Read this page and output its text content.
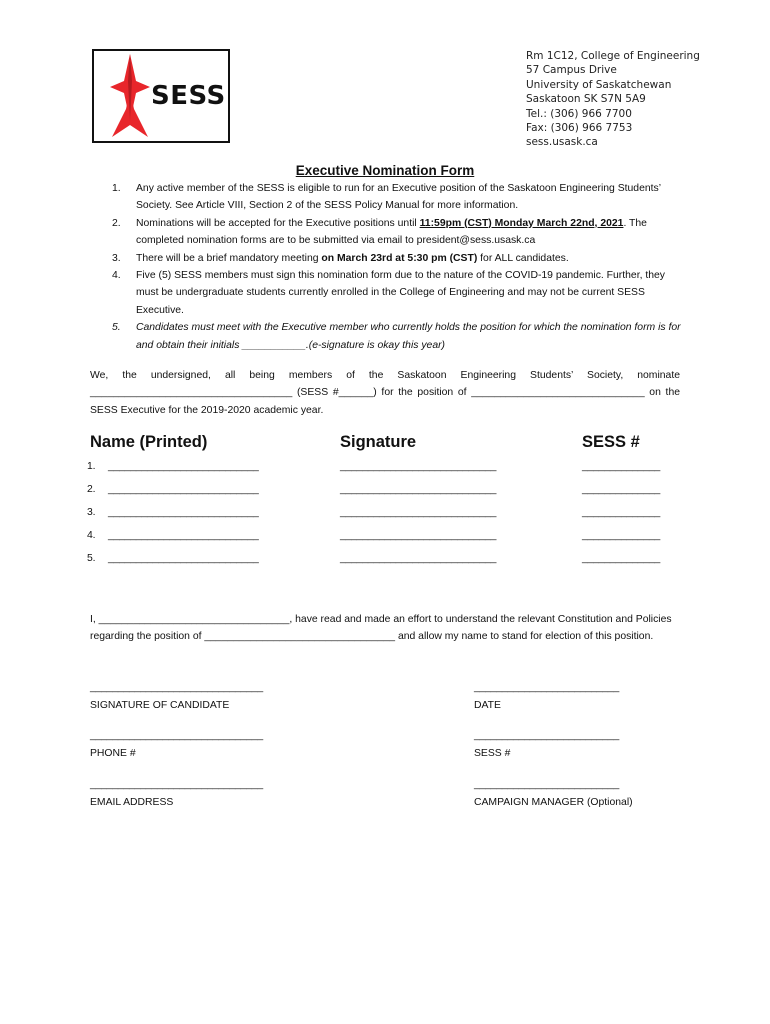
SESS
Rm 1C12, College of Engineering
57 Campus Drive
University of Saskatchewan
Saskatoon SK S7N 5A9
Tel.: (306) 966 7700
Fax: (306) 966 7753
sess.usask.ca
Executive Nomination Form
1. Any active member of the SESS is eligible to run for an Executive position of the Saskatoon Engineering Students’ Society. See Article VIII, Section 2 of the SESS Policy Manual for more information.
2. Nominations will be accepted for the Executive positions until 11:59pm (CST) Monday March 22nd, 2021. The completed nomination forms are to be submitted via email to president@sess.usask.ca
3. There will be a brief mandatory meeting on March 23rd at 5:30 pm (CST) for ALL candidates.
4. Five (5) SESS members must sign this nomination form due to the nature of the COVID-19 pandemic. Further, they must be undergraduate students currently enrolled in the College of Engineering and may not be current SESS Executive.
5. Candidates must meet with the Executive member who currently holds the position for which the nomination form is for and obtain their initials ___________.(e-signature is okay this year)
We, the undersigned, all being members of the Saskatoon Engineering Students’ Society, nominate ___________________________________ (SESS #______) for the position of ______________________________ on the SESS Executive for the 2019-2020 academic year.
Name (Printed)	Signature	SESS #
1. ___________________________	____________________________	______________
2. ___________________________	____________________________	______________
3. ___________________________	____________________________	______________
4. ___________________________	____________________________	______________
5. ___________________________	____________________________	______________
I, _________________________________, have read and made an effort to understand the relevant Constitution and Policies regarding the position of _________________________________ and allow my name to stand for election of this position.
_______________________________	__________________________
SIGNATURE OF CANDIDATE	DATE
_______________________________	__________________________
PHONE #	SESS #
_______________________________	__________________________
EMAIL ADDRESS	CAMPAIGN MANAGER (Optional)
